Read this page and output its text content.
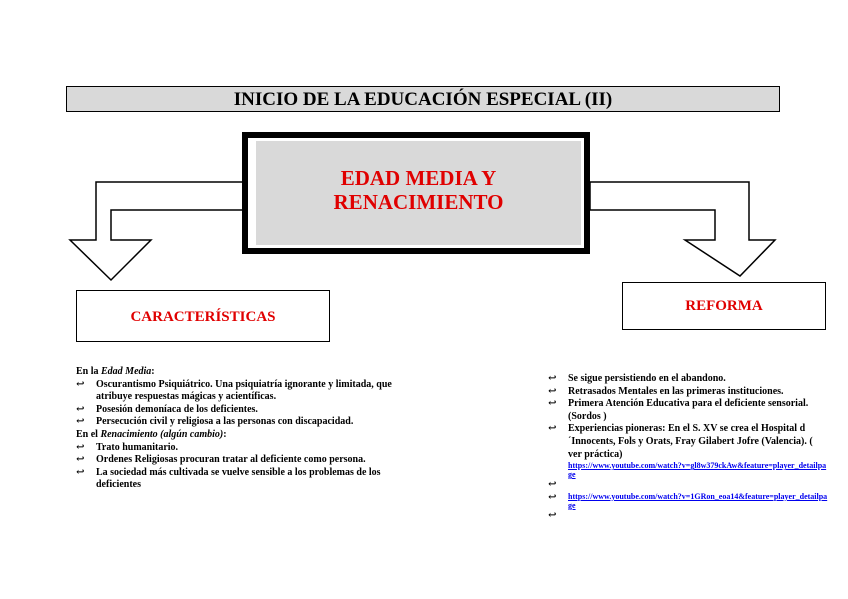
INICIO DE LA EDUCACIÓN ESPECIAL (II)
EDAD MEDIA Y
RENACIMIENTO
CARACTERÍSTICAS
REFORMA

En la Edad Media:

↩	Oscurantismo Psiquiátrico. Una psiquiatría ignorante y limitada, que atribuye respuestas mágicas y acientíficas.
↩	Posesión demoníaca de los deficientes.
↩	Persecución civil y religiosa a las personas con discapacidad.

En el Renacimiento (algún cambio):

↩	Trato humanitario.
↩	Ordenes Religiosas procuran tratar al deficiente como persona.
↩	La sociedad más cultivada se vuelve sensible a los problemas de los deficientes
↩	Se sigue persistiendo en el abandono.
↩	Retrasados Mentales en las primeras instituciones.
↩	Primera Atención Educativa para el deficiente sensorial. (Sordos )
↩	Experiencias pioneras: En el S. XV se crea el Hospital d´Innocents, Fols y Orats, Fray Gilabert Jofre (Valencia). ( ver práctica)
https://www.youtube.com/watch?v=gl8w379ckAw&feature=player_detailpage
↩
↩	https://www.youtube.com/watch?v=1GRon_eoa14&feature=player_detailpage
↩
